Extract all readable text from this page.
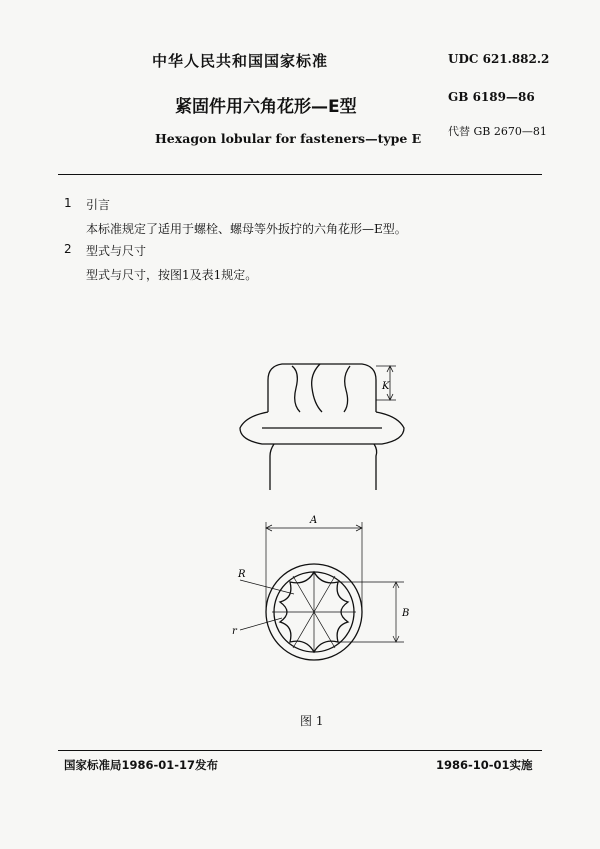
中华人民共和国国家标准	UDC 621.882.2
紧固件用六角花形—E型	GB 6189—86
Hexagon lobular for fasteners—type E 代替 GB 2670—81
1 引言
本标准规定了适用于螺栓、螺母等外扳拧的六角花形—E型。
2 型式与尺寸
型式与尺寸，按图1及表1规定。
K
A
B
R
r
图 1
国家标准局1986-01-17发布	1986-10-01实施
